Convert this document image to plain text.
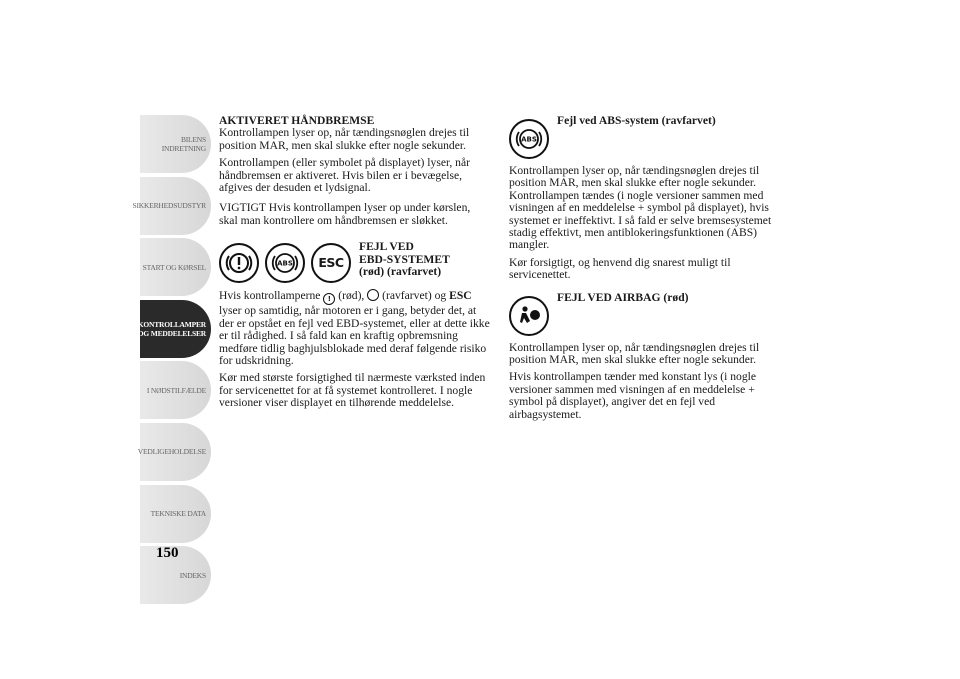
BILENS
INDRETNING
SIKKERHEDSUDSTYR
START OG KØRSEL
KONTROLLAMPER
OG MEDDELELSER
I NØDSTILFÆLDE
VEDLIGEHOLDELSE
TEKNISKE DATA
INDEKS
150
AKTIVERET HÅNDBREMSE

Kontrollampen lyser op, når tændingsnøglen drejes til position MAR, men skal slukke efter nogle sekunder.

Kontrollampen (eller symbolet på displayet) lyser, når håndbremsen er aktiveret. Hvis bilen er i bevægelse, afgives der desuden et lydsignal.

VIGTIGT Hvis kontrollampen lyser op under kørslen, skal man kontrollere om håndbremsen er sløkket.

ABS ESC
FEJL VED
EBD-SYSTEMET
(rød) (ravfarvet)

Hvis kontrollamperne ! (rød), (ravfarvet) og ESC lyser op samtidig, når motoren er i gang, betyder det, at der er opstået en fejl ved EBD-systemet, eller at dette ikke er til rådighed. I så fald kan en kraftig opbremsning medføre tidlig baghjulsblokade med deraf følgende risiko for udskridning.

Kør med største forsigtighed til nærmeste værksted inden for servicenettet for at få systemet kontrolleret. I nogle versioner viser displayet en tilhørende meddelelse.

ABS
Fejl ved ABS-system (ravfarvet)

Kontrollampen lyser op, når tændingsnøglen drejes til position MAR, men skal slukke efter nogle sekunder. Kontrollampen tændes (i nogle versioner sammen med visningen af en meddelelse + symbol på displayet), hvis systemet er ineffektivt. I så fald er selve bremsesystemet stadig effektivt, men antiblokeringsfunktionen (ABS) mangler.

Kør forsigtigt, og henvend dig snarest muligt til servicenettet.

FEJL VED AIRBAG (rød)

Kontrollampen lyser op, når tændingsnøglen drejes til position MAR, men skal slukke efter nogle sekunder.

Hvis kontrollampen tænder med konstant lys (i nogle versioner sammen med visningen af en meddelelse + symbol på displayet), angiver det en fejl ved airbagsystemet.
